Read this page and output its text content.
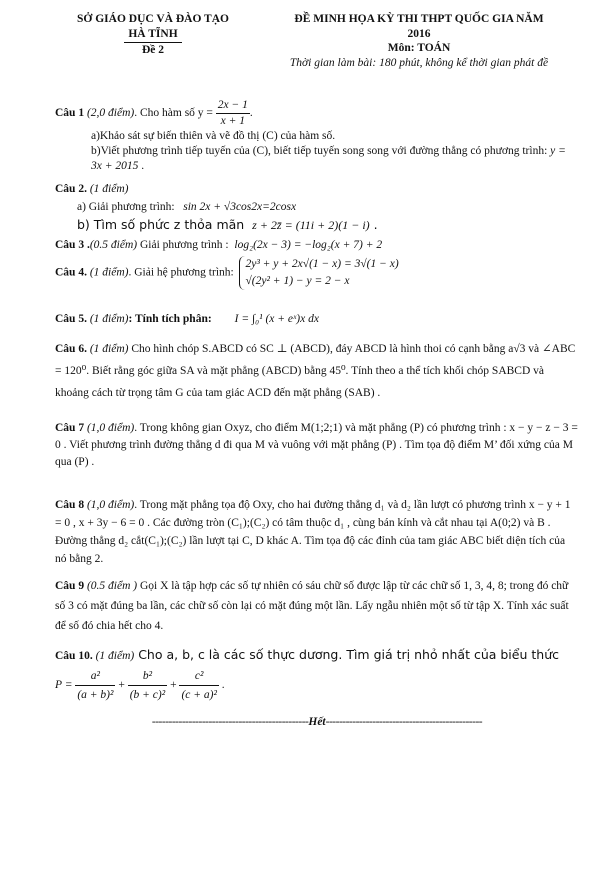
SỞ GIÁO DỤC VÀ ĐÀO TẠO
HÀ TĨNH
Đề 2
ĐỀ MINH HỌA KỲ THI THPT QUỐC GIA NĂM
2016
Môn: TOÁN
Thời gian làm bài: 180 phút, không kể thời gian phát đề
Câu 1 (2,0 điểm). Cho hàm số $y = \frac{2x - 1}{x + 1}$ .
a)Khảo sát sự biến thiên và vẽ đồ thị (C) của hàm số.
b)Viết phương trình tiếp tuyến của (C), biết tiếp tuyến song song với đường thẳng có phương trình: y = 3x + 2015 .
Câu 2. (1 điểm)
a) Giải phương trình: sin 2x + √3cos2x=2cosx
b) Tìm số phức z thỏa mãn z + 2z̄ = (11i + 2)(1 − i) .
Câu 3 .(0.5 điểm) Giải phương trình : log₂(2x − 3) = −log₂(x + 7) + 2
Câu 4. (1 điểm). Giải hệ phương trình:
2y³ + y + 2x√(1 − x) = 3√(1 − x)
√(2y² + 1) − y = 2 − x
Câu 5. (1 điểm): Tính tích phân: I = ∫₀¹ (x + eˣ)x dx
Câu 6. (1 điểm) Cho hình chóp S.ABCD có SC ⊥ (ABCD), đáy ABCD là hình thoi có cạnh bằng a√3 và ∠ABC = 120⁰. Biết rằng góc giữa SA và mặt phẳng (ABCD) bằng 45⁰. Tính theo a thể tích khối chóp SABCD và khoảng cách từ trọng tâm G của tam giác ACD đến mặt phẳng (SAB) .
Câu 7 (1,0 điểm). Trong không gian Oxyz, cho điểm M(1;2;1) và mặt phẳng (P) có phương trình : x − y − z − 3 = 0 . Viết phương trình đường thẳng d đi qua M và vuông với mặt phẳng (P) . Tìm tọa độ điểm M’ đối xứng của M qua (P) .
Câu 8 (1,0 điểm). Trong mặt phẳng tọa độ Oxy, cho hai đường thẳng d₁ và d₂ lần lượt có phương trình x − y + 1 = 0 , x + 3y − 6 = 0 . Các đường tròn (C₁);(C₂) có tâm thuộc d₁ , cùng bán kính và cắt nhau tại A(0;2) và B . Đường thẳng d₂ cắt(C₁);(C₂) lần lượt tại C, D khác A. Tìm tọa độ các đỉnh của tam giác ABC biết diện tích của nó bằng 2.
Câu 9 (0.5 điểm ) Gọi X là tập hợp các số tự nhiên có sáu chữ số được lập từ các chữ số 1, 3, 4, 8; trong đó chữ số 3 có mặt đúng ba lần, các chữ số còn lại có mặt đúng một lần. Lấy ngẫu nhiên một số từ tập X. Tính xác suất để số đó chia hết cho 4.
Câu 10. (1 điểm) Cho a, b, c là các số thực dương. Tìm giá trị nhỏ nhất của biểu thức
$P = \frac{\text{a²}}{\text{(a + b)²}} + \frac{\text{b²}}{\text{(b + c)²}} + \frac{\text{c²}}{\text{(c + a)²}}$ .
-----------------------------------------------Hết-----------------------------------------------
